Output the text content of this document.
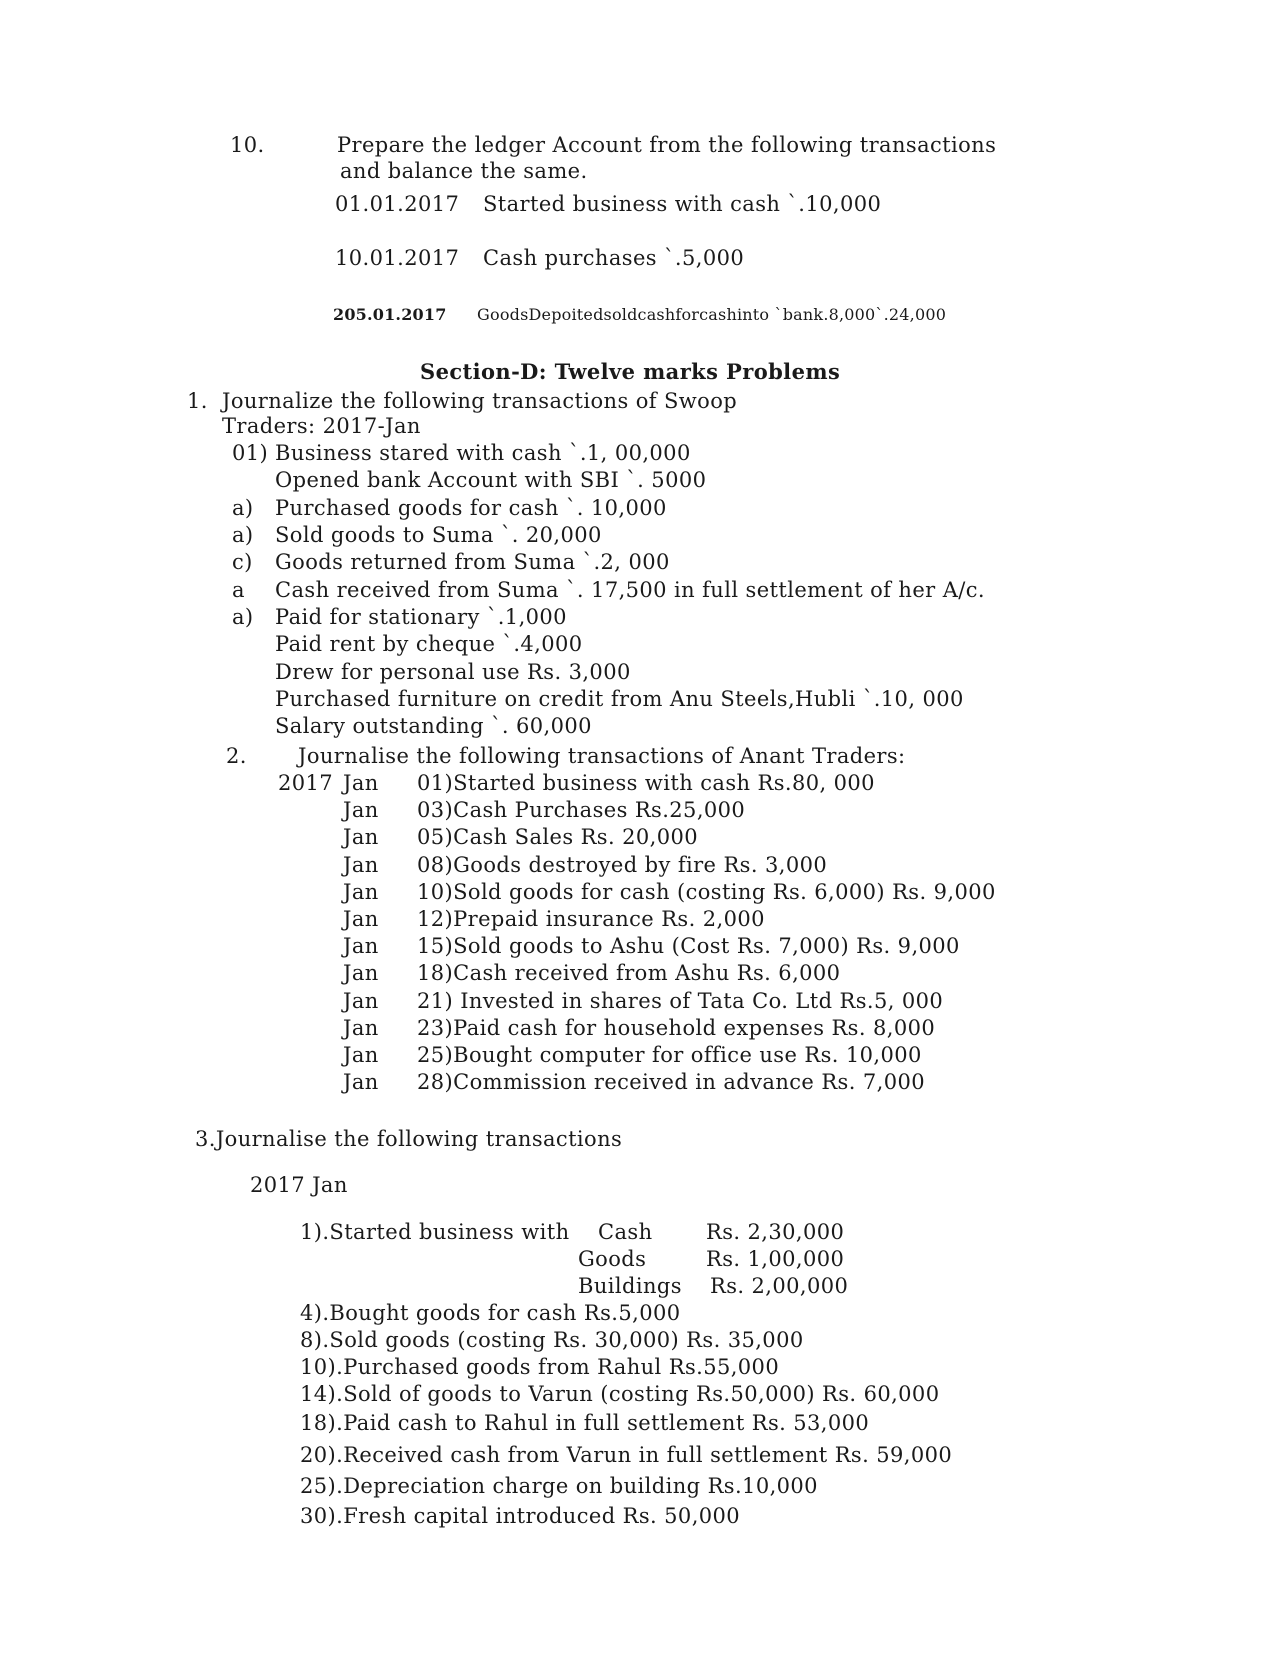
10.	Prepare the ledger Account from the following transactions
and balance the same.
01.01.2017 Started business with cash `.10,000
10.01.2017 Cash purchases `.5,000
205.01.2017 GoodsDepoitedsoldcashforcashinto `bank.8,000`.24,000
Section-D: Twelve marks Problems
1. Journalize the following transactions of Swoop
Traders: 2017-Jan
01) Business stared with cash `.1, 00,000
Opened bank Account with SBI `. 5000
a) Purchased goods for cash `. 10,000
a) Sold goods to Suma `. 20,000
c) Goods returned from Suma `.2, 000
a Cash received from Suma `. 17,500 in full settlement of her A/c.
a) Paid for stationary `.1,000
Paid rent by cheque `.4,000
Drew for personal use Rs. 3,000
Purchased furniture on credit from Anu Steels,Hubli `.10, 000
Salary outstanding `. 60,000
2. Journalise the following transactions of Anant Traders:
2017 Jan 01)Started business with cash Rs.80, 000
Jan 03)Cash Purchases Rs.25,000
Jan 05)Cash Sales Rs. 20,000
Jan 08)Goods destroyed by fire Rs. 3,000
Jan 10)Sold goods for cash (costing Rs. 6,000) Rs. 9,000
Jan 12)Prepaid insurance Rs. 2,000
Jan 15)Sold goods to Ashu (Cost Rs. 7,000) Rs. 9,000
Jan 18)Cash received from Ashu Rs. 6,000
Jan 21) Invested in shares of Tata Co. Ltd Rs.5, 000
Jan 23)Paid cash for household expenses Rs. 8,000
Jan 25)Bought computer for office use Rs. 10,000
Jan 28)Commission received in advance Rs. 7,000
3.Journalise the following transactions
2017 Jan
1).Started business with Cash	Rs. 2,30,000
Goods	Rs. 1,00,000
Buildings Rs. 2,00,000
4).Bought goods for cash Rs.5,000
8).Sold goods (costing Rs. 30,000) Rs. 35,000
10).Purchased goods from Rahul Rs.55,000
14).Sold of goods to Varun (costing Rs.50,000) Rs. 60,000
18).Paid cash to Rahul in full settlement Rs. 53,000
20).Received cash from Varun in full settlement Rs. 59,000
25).Depreciation charge on building Rs.10,000
30).Fresh capital introduced Rs. 50,000
